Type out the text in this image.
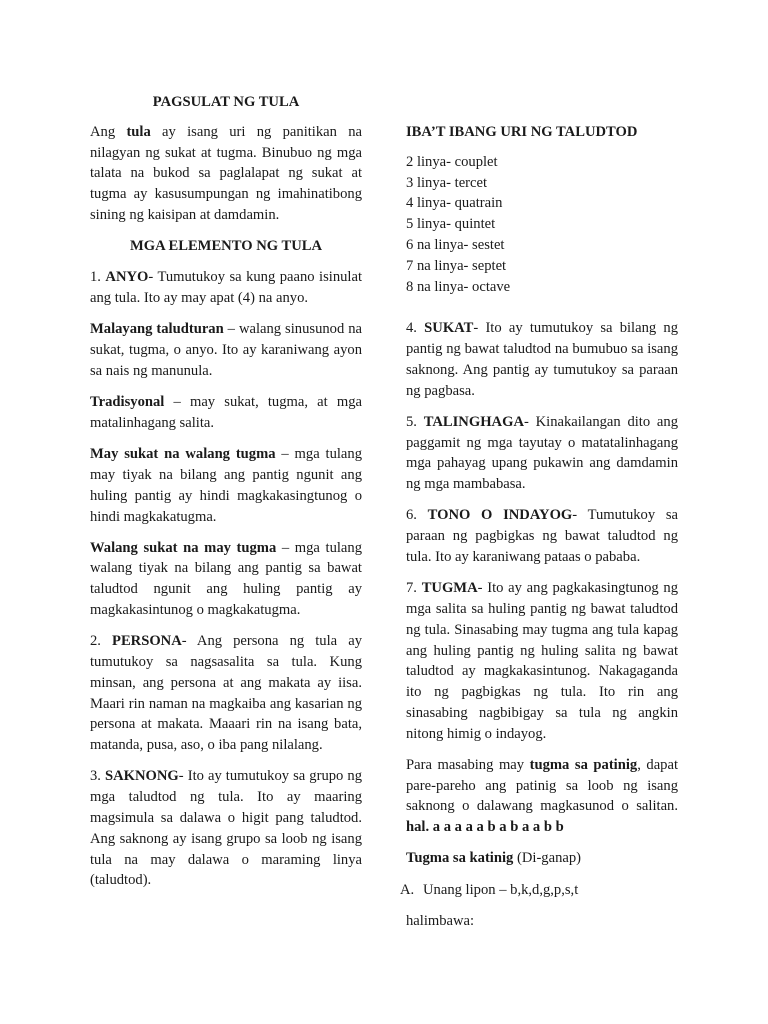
PAGSULAT NG TULA

Ang tula ay isang uri ng panitikan na nilagyan ng sukat at tugma. Binubuo ng mga talata na bukod sa paglalapat ng sukat at tugma ay kasusumpungan ng imahinatibong sining ng kaisipan at damdamin.

MGA ELEMENTO NG TULA

1. ANYO- Tumutukoy sa kung paano isinulat ang tula. Ito ay may apat (4) na anyo.

Malayang taludturan – walang sinusunod na sukat, tugma, o anyo. Ito ay karaniwang ayon sa nais ng manunula.

Tradisyonal – may sukat, tugma, at mga matalinhagang salita.

May sukat na walang tugma – mga tulang may tiyak na bilang ang pantig ngunit ang huling pantig ay hindi magkakasingtunog o hindi magkakatugma.

Walang sukat na may tugma – mga tulang walang tiyak na bilang ang pantig sa bawat taludtod ngunit ang huling pantig ay magkakasintunog o magkakatugma.

2. PERSONA- Ang persona ng tula ay tumutukoy sa nagsasalita sa tula. Kung minsan, ang persona at ang makata ay iisa. Maari rin naman na magkaiba ang kasarian ng persona at makata. Maaari rin na isang bata, matanda, pusa, aso, o iba pang nilalang.

3. SAKNONG- Ito ay tumutukoy sa grupo ng mga taludtod ng tula. Ito ay maaring magsimula sa dalawa o higit pang taludtod. Ang saknong ay isang grupo sa loob ng isang tula na may dalawa o maraming linya (taludtod).

IBA’T IBANG URI NG TALUDTOD
2 linya- couplet
3 linya- tercet
4 linya- quatrain
5 linya- quintet
6 na linya- sestet
7 na linya- septet
8 na linya- octave

4. SUKAT- Ito ay tumutukoy sa bilang ng pantig ng bawat taludtod na bumubuo sa isang saknong. Ang pantig ay tumutukoy sa paraan ng pagbasa.

5. TALINGHAGA- Kinakailangan dito ang paggamit ng mga tayutay o matatalinhagang mga pahayag upang pukawin ang damdamin ng mga mambabasa.

6. TONO O INDAYOG- Tumutukoy sa paraan ng pagbigkas ng bawat taludtod ng tula. Ito ay karaniwang pataas o pababa.

7. TUGMA- Ito ay ang pagkakasingtunog ng mga salita sa huling pantig ng bawat taludtod ng tula. Sinasabing may tugma ang tula kapag ang huling pantig ng huling salita ng bawat taludtod ay magkakasintunog. Nakagaganda ito ng pagbigkas ng tula. Ito rin ang sinasabing nagbibigay sa tula ng angkin nitong himig o indayog.

Para masabing may tugma sa patinig, dapat pare-pareho ang patinig sa loob ng isang saknong o dalawang magkasunod o salitan. hal. a a a a a b a b a a b b

Tugma sa katinig (Di-ganap)

A. Unang lipon – b,k,d,g,p,s,t

halimbawa:
